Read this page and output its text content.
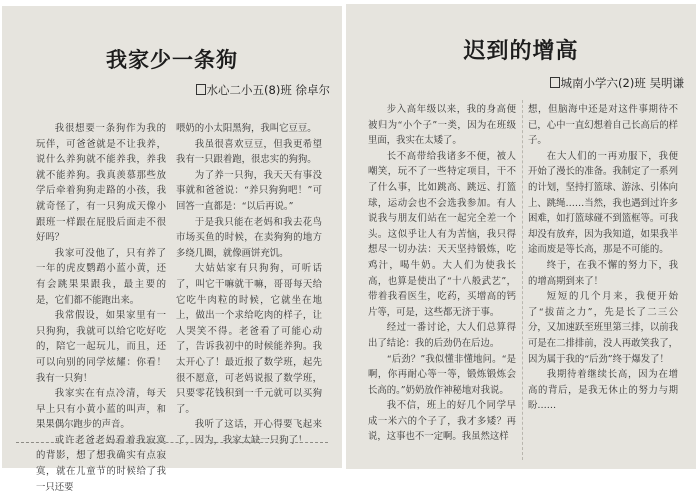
我家少一条狗
水心二小五(8)班 徐卓尔

我很想要一条狗作为我的玩伴，可爸爸就是不让我养，说什么养狗就不能养我，养我就不能养狗。我真羡慕那些放学后牵着狗狗走路的小孩，我就奇怪了，有一只狗成天像小跟班一样跟在屁股后面走不很好吗？

我家可没他了，只有养了一年的虎皮鹦鹉小蓝小黄，还有会跳果果跟我，最主要的是，它们都不能跑出来。

我常假设，如果家里有一只狗狗，我就可以给它吃好吃的，陪它一起玩儿，而且，还可以向别的同学炫耀：你看！我有一只狗！

我家实在有点冷清，每天早上只有小黄小蓝的叫声，和果果偶尔跑步的声音。

或许老爸老妈看着我寂寞的背影，想了想我确实有点寂寞，就在儿童节的时候给了我一只还要

喂奶的小太阳黑狗，我叫它豆豆。

我虽很喜欢豆豆，但我更希望我有一只跟着跑，很忠实的狗狗。

为了养一只狗，我天天有事没事就和爸爸说：“养只狗狗吧！”可回答一直都是：“以后再说。”

于是我只能在老妈和我去花鸟市场买鱼的时候，在卖狗狗的地方多绕几圈，就像画饼充饥。

大姑姑家有只狗狗，可听话了，叫它干嘛就干嘛，哥哥每天给它吃牛肉粒的时候，它就坐在地上，做出一个求给吃肉的样子，让人哭笑不得。老爸看了可能心动了，告诉我初中的时候能养狗。我太开心了！最近报了数学班，起先很不愿意，可老妈说报了数学班，只要零花钱积到一千元就可以买狗了。

我听了这话，开心得要飞起来了，因为，我家太缺一只狗了！

迟到的增高
城南小学六(2)班 吴明谦

步入高年级以来，我的身高便被归为“小个子”一类，因为在班级里面，我实在太矮了。

长不高带给我诸多不便，被人嘲笑，玩不了一些特定项目，干不了什么事，比如跳高、跳远、打篮球，运动会也不会选我参加。有人说我与朋友们站在一起完全差一个头。这似乎让人有为苦恼，我只得想尽一切办法：天天坚持锻炼，吃鸡汁，喝牛奶。大人们为使我长高，也算是使出了“十八般武艺”，带着我看医生，吃药，买增高的钙片等，可是，这些都无济于事。

经过一番讨论，大人们总算得出了结论：我的后劲仍在后边。

“后劲？”我似懂非懂地问。“是啊，你再耐心等一等，锻炼锻炼会长高的。”奶奶放作神秘地对我说。

我不信，班上的好几个同学早成一米六的个子了，我才多矮？再说，这事也不一定啊。我虽然这样

想，但脑海中还是对这件事期待不已，心中一直幻想着自己长高后的样子。

在大人们的一再劝服下，我便开始了漫长的准备。我制定了一系列的计划，坚持打篮球、游泳、引体向上、跳绳……当然，我也遇到过许多困难，如打篮球碰不到篮框等。可我却没有放弃，因为我知道，如果我半途而废是等长高，那是不可能的。

终于，在我不懈的努力下，我的增高期到来了！

短短的几个月来，我便开始了“拔苗之力”，先是长了二三公分，又加速跃至班里第三排，以前我可是在二排排前，没人再敢笑我了，因为属于我的“后劲”终于爆发了！

我期待着继续长高，因为在增高的背后，是我无休止的努力与期盼……
